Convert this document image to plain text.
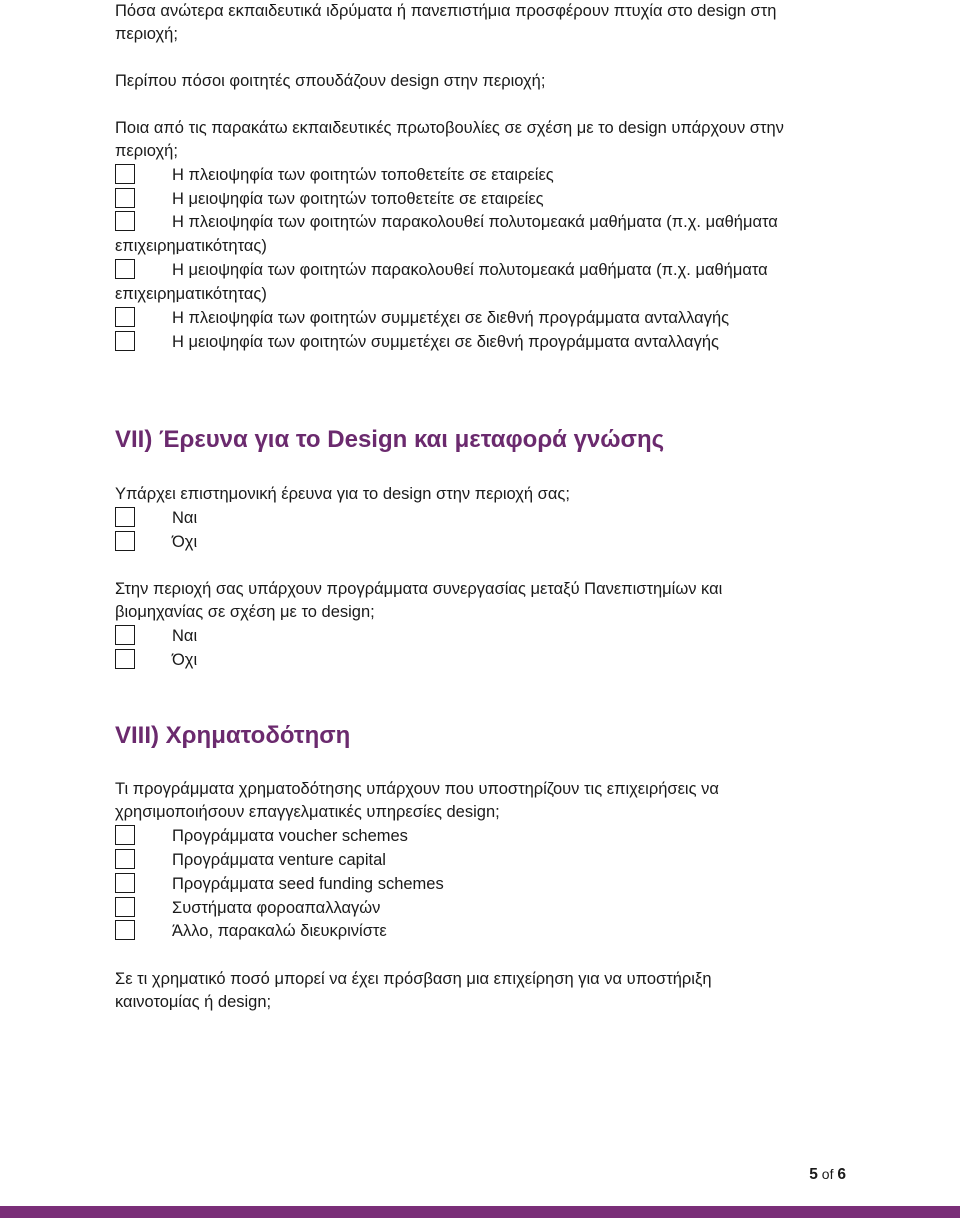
Πόσα ανώτερα εκπαιδευτικά ιδρύματα ή πανεπιστήμια προσφέρουν πτυχία στο design στη
περιοχή;
Περίπου πόσοι φοιτητές σπουδάζουν design στην περιοχή;
Ποια από τις παρακάτω εκπαιδευτικές πρωτοβουλίες σε σχέση με το design υπάρχουν στην
περιοχή;
Η πλειοψηφία των φοιτητών τοποθετείτε σε εταιρείες
Η μειοψηφία των φοιτητών τοποθετείτε σε εταιρείες
Η πλειοψηφία των φοιτητών παρακολουθεί πολυτομεακά μαθήματα (π.χ. μαθήματα
επιχειρηματικότητας)
Η μειοψηφία των φοιτητών παρακολουθεί πολυτομεακά μαθήματα (π.χ. μαθήματα
επιχειρηματικότητας)
Η πλειοψηφία των φοιτητών συμμετέχει σε διεθνή προγράμματα ανταλλαγής
Η μειοψηφία των φοιτητών συμμετέχει σε διεθνή προγράμματα ανταλλαγής
VII) Έρευνα για το Design και μεταφορά γνώσης
Υπάρχει επιστημονική έρευνα για το design στην περιοχή σας;
Ναι
Όχι
Στην περιοχή σας υπάρχουν προγράμματα συνεργασίας μεταξύ Πανεπιστημίων και
βιομηχανίας σε σχέση με το design;
Ναι
Όχι
VIII) Χρηματοδότηση
Τι προγράμματα χρηματοδότησης υπάρχουν που υποστηρίζουν τις επιχειρήσεις να
χρησιμοποιήσουν επαγγελματικές υπηρεσίες design;
Προγράμματα voucher schemes
Προγράμματα venture capital
Προγράμματα seed funding schemes
Συστήματα φοροαπαλλαγών
Άλλο, παρακαλώ διευκρινίστε
Σε τι χρηματικό ποσό μπορεί να έχει πρόσβαση μια επιχείρηση για να υποστήριξη
καινοτομίας ή design;
5 of 6
